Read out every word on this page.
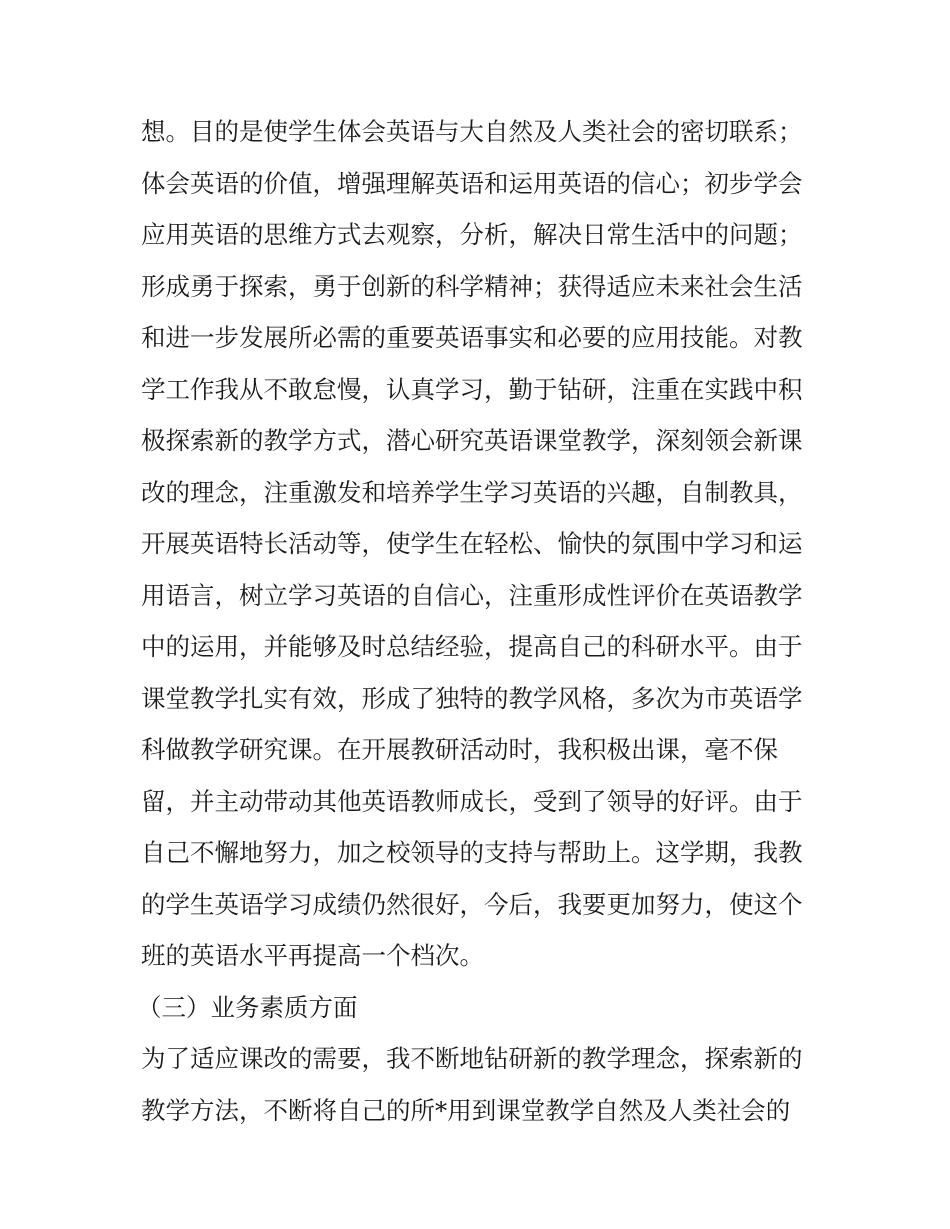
想。目的是使学生体会英语与大自然及人类社会的密切联系；
体会英语的价值，增强理解英语和运用英语的信心；初步学会
应用英语的思维方式去观察，分析，解决日常生活中的问题；
形成勇于探索，勇于创新的科学精神；获得适应未来社会生活
和进一步发展所必需的重要英语事实和必要的应用技能。对教
学工作我从不敢怠慢，认真学习，勤于钻研，注重在实践中积
极探索新的教学方式，潜心研究英语课堂教学，深刻领会新课
改的理念，注重激发和培养学生学习英语的兴趣，自制教具，
开展英语特长活动等，使学生在轻松、愉快的氛围中学习和运
用语言，树立学习英语的自信心，注重形成性评价在英语教学
中的运用，并能够及时总结经验，提高自己的科研水平。由于
课堂教学扎实有效，形成了独特的教学风格，多次为市英语学
科做教学研究课。在开展教研活动时，我积极出课，毫不保
留，并主动带动其他英语教师成长，受到了领导的好评。由于
自己不懈地努力，加之校领导的支持与帮助上。这学期，我教
的学生英语学习成绩仍然很好，今后，我要更加努力，使这个
班的英语水平再提高一个档次。
（三）业务素质方面
为了适应课改的需要，我不断地钻研新的教学理念，探索新的
教学方法，不断将自己的所*用到课堂教学自然及人类社会的
